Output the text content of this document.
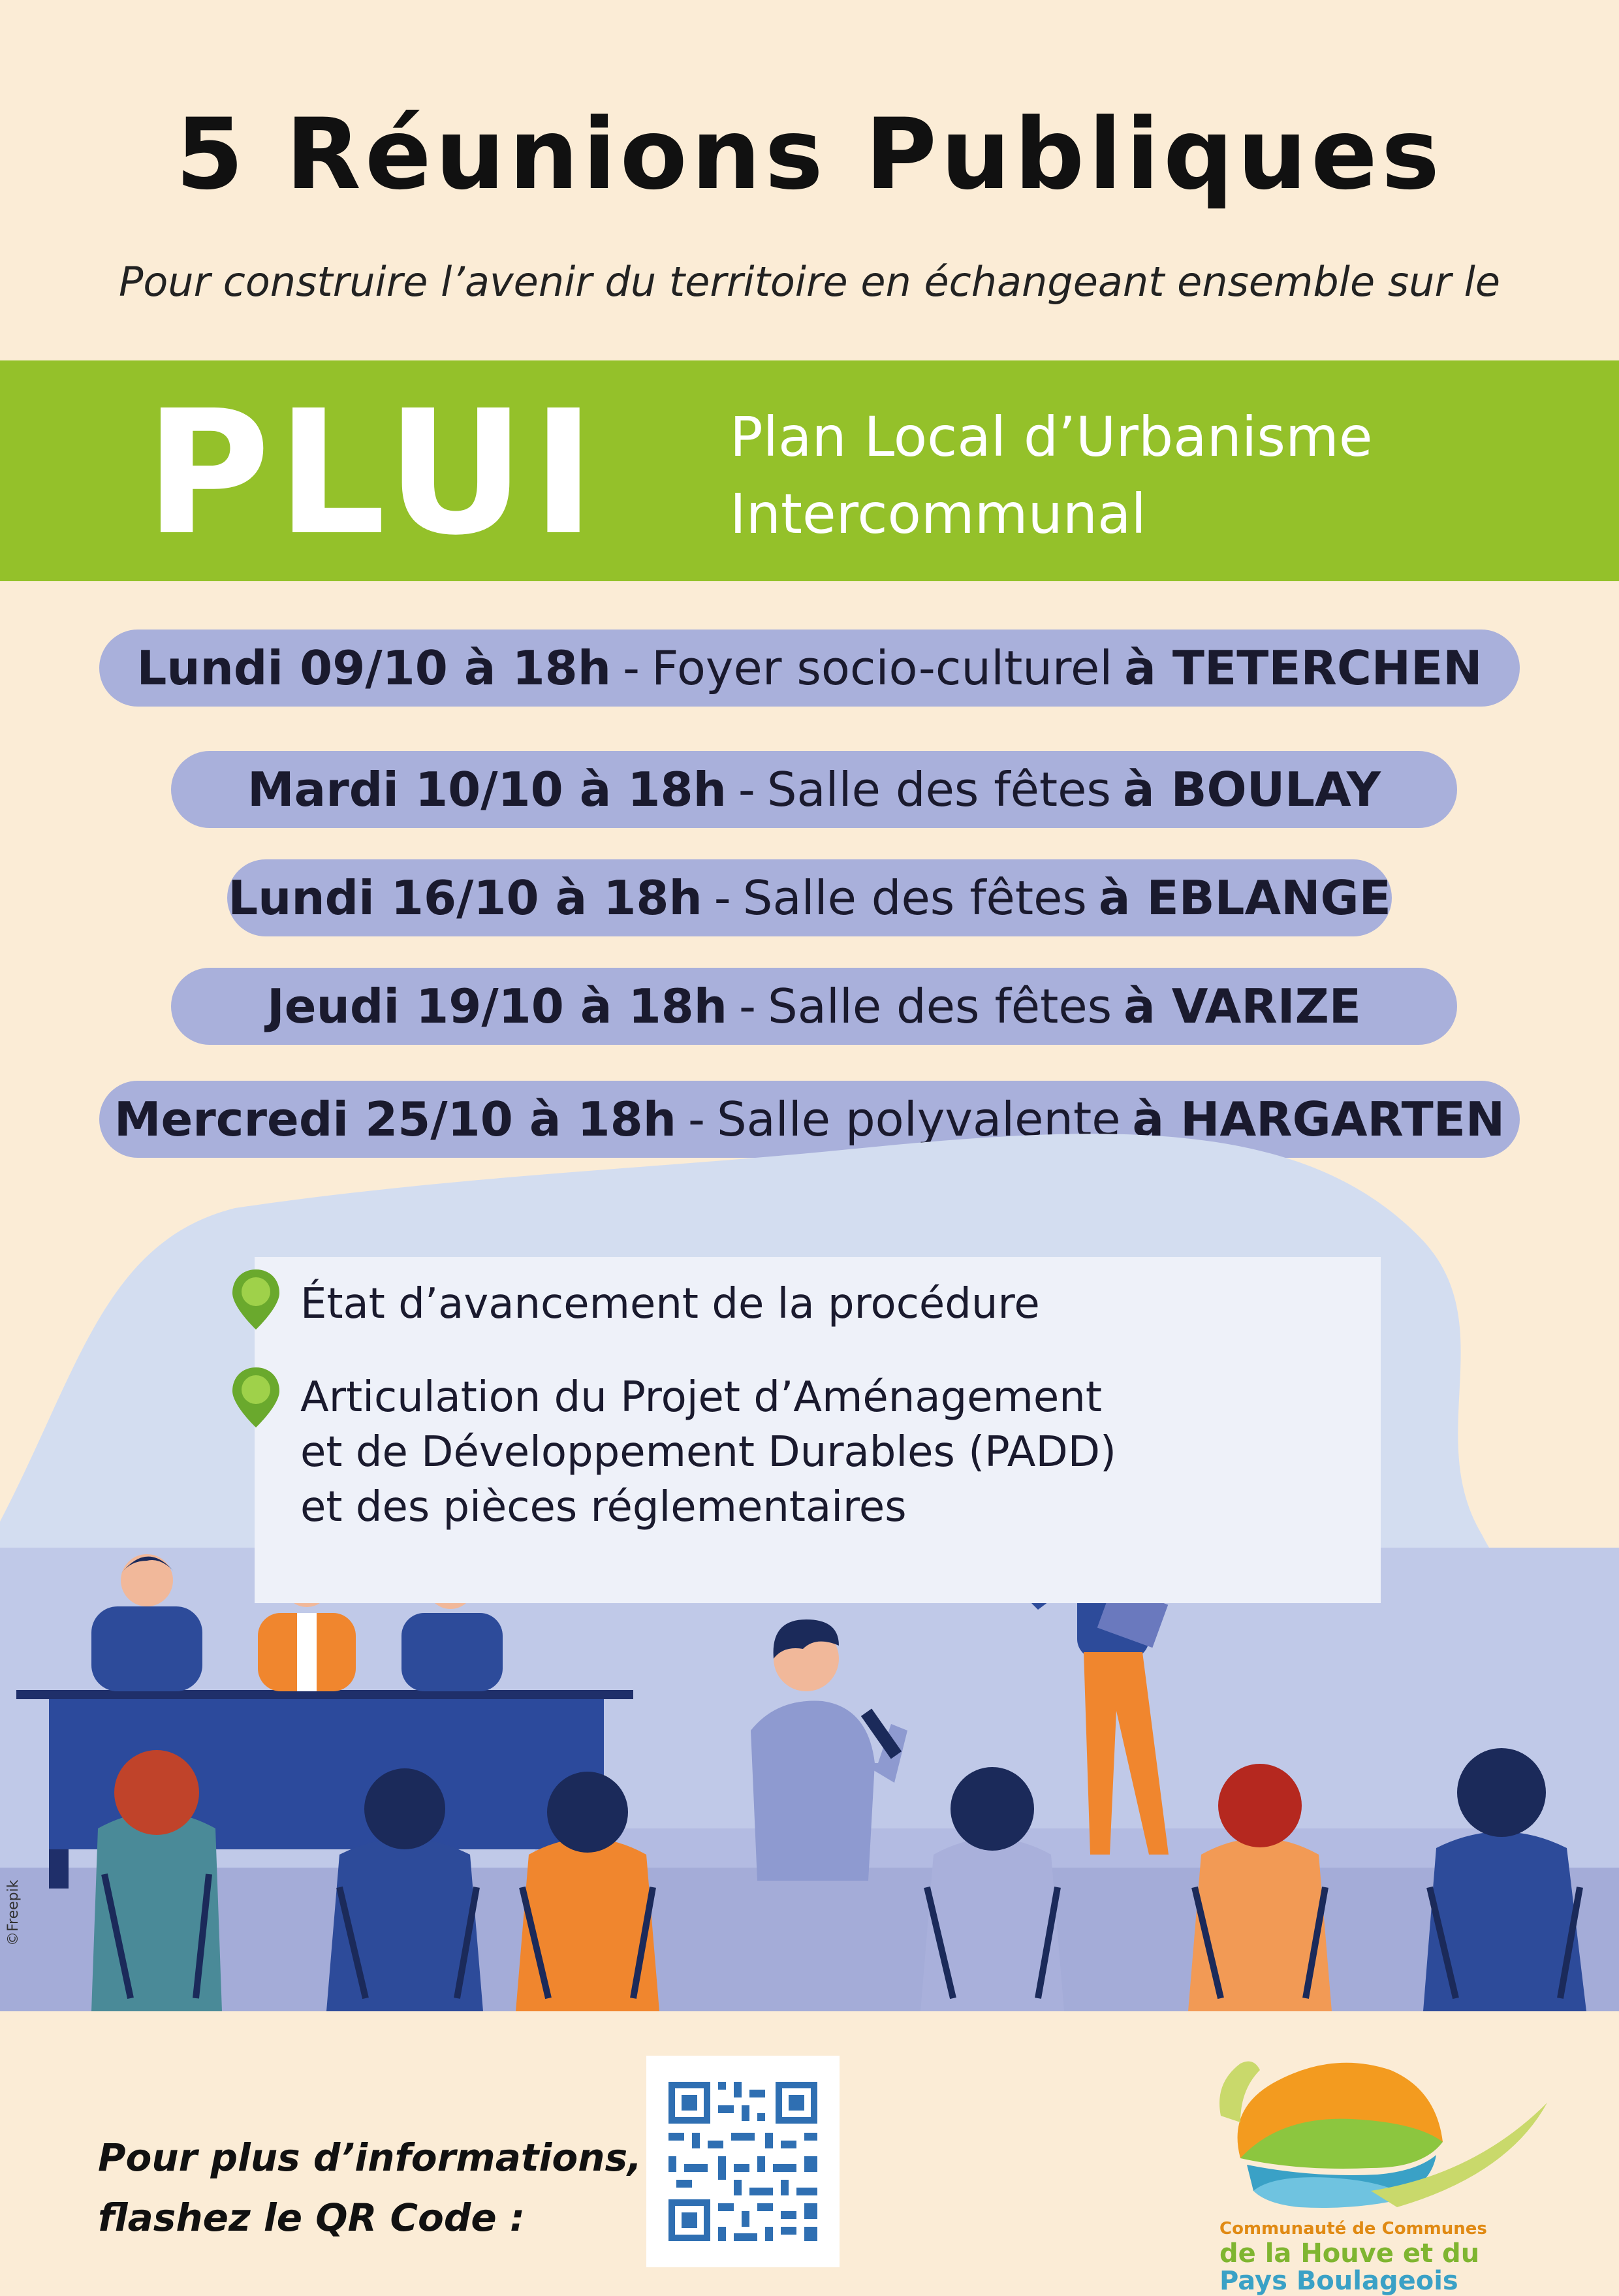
5 Réunions Publiques
Pour construire l’avenir du territoire en échangeant ensemble sur le
PLUI Plan Local d’Urbanisme
Intercommunal
Lundi 09/10 à 18h - Foyer socio-culturel à TETERCHEN
Mardi 10/10 à 18h - Salle des fêtes à BOULAY
Lundi 16/10 à 18h - Salle des fêtes à EBLANGE
Jeudi 19/10 à 18h - Salle des fêtes à VARIZE
Mercredi 25/10 à 18h - Salle polyvalente à HARGARTEN
État d’avancement de la procédure
Articulation du Projet d’Aménagement
et de Développement Durables (PADD)
et des pièces réglementaires
©Freepik
Pour plus d’informations,
flashez le QR Code :	Communauté de Communes
de la Houve et du
Pays Boulageois
